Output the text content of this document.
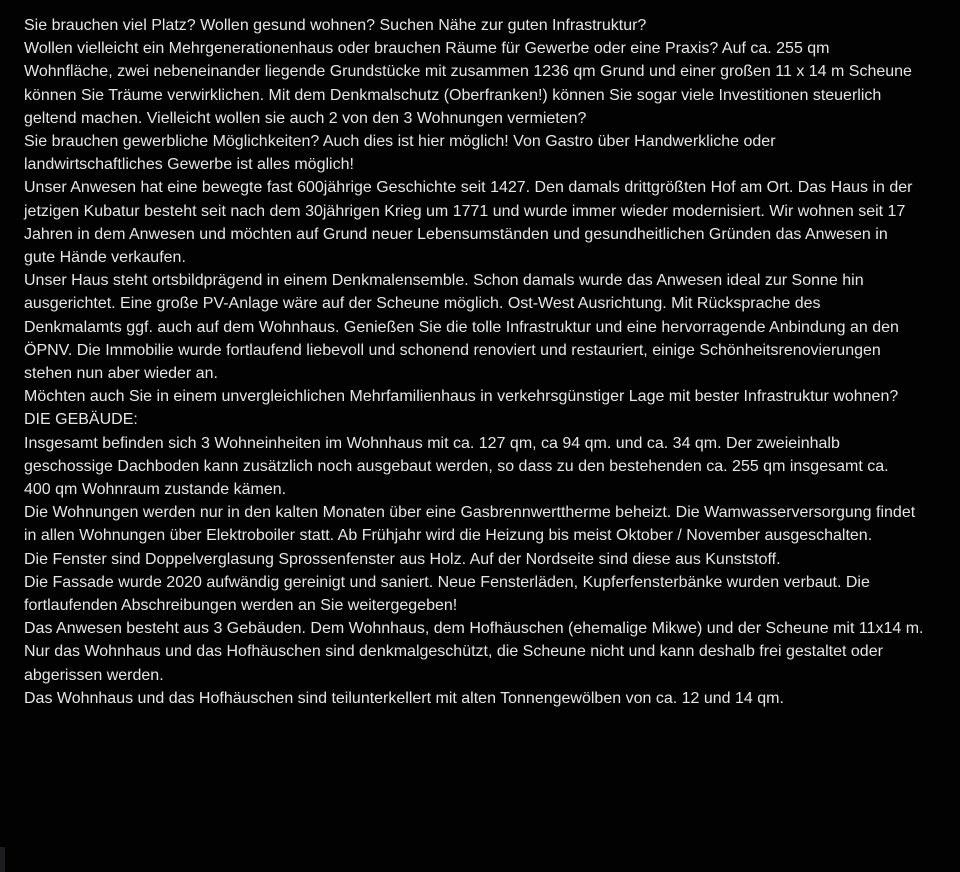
Sie brauchen viel Platz? Wollen gesund wohnen? Suchen Nähe zur guten Infrastruktur?
Wollen vielleicht ein Mehrgenerationenhaus oder brauchen Räume für Gewerbe oder eine Praxis? Auf ca. 255 qm
Wohnfläche, zwei nebeneinander liegende Grundstücke mit zusammen 1236 qm Grund und einer großen 11 x 14 m Scheune
können Sie Träume verwirklichen. Mit dem Denkmalschutz (Oberfranken!) können Sie sogar viele Investitionen steuerlich
geltend machen. Vielleicht wollen sie auch 2 von den 3 Wohnungen vermieten?
Sie brauchen gewerbliche Möglichkeiten? Auch dies ist hier möglich! Von Gastro über Handwerkliche oder
landwirtschaftliches Gewerbe ist alles möglich!

Unser Anwesen hat eine bewegte fast 600jährige Geschichte seit 1427. Den damals drittgrößten Hof am Ort. Das Haus in der
jetzigen Kubatur besteht seit nach dem 30jährigen Krieg um 1771 und wurde immer wieder modernisiert. Wir wohnen seit 17
Jahren in dem Anwesen und möchten auf Grund neuer Lebensumständen und gesundheitlichen Gründen das Anwesen in
gute Hände verkaufen.

Unser Haus steht ortsbildprägend in einem Denkmalensemble. Schon damals wurde das Anwesen ideal zur Sonne hin
ausgerichtet. Eine große PV-Anlage wäre auf der Scheune möglich. Ost-West Ausrichtung. Mit Rücksprache des
Denkmalamts ggf. auch auf dem Wohnhaus. Genießen Sie die tolle Infrastruktur und eine hervorragende Anbindung an den
ÖPNV. Die Immobilie wurde fortlaufend liebevoll und schonend renoviert und restauriert, einige Schönheitsrenovierungen
stehen nun aber wieder an.

Möchten auch Sie in einem unvergleichlichen Mehrfamilienhaus in verkehrsgünstiger Lage mit bester Infrastruktur wohnen?

DIE GEBÄUDE:
Insgesamt befinden sich 3 Wohneinheiten im Wohnhaus mit ca. 127 qm, ca 94 qm. und ca. 34 qm. Der zweieinhalb
geschossige Dachboden kann zusätzlich noch ausgebaut werden, so dass zu den bestehenden ca. 255 qm insgesamt ca.
400 qm Wohnraum zustande kämen.
Die Wohnungen werden nur in den kalten Monaten über eine Gasbrennwerttherme beheizt. Die Wamwasserversorgung findet
in allen Wohnungen über Elektroboiler statt. Ab Frühjahr wird die Heizung bis meist Oktober / November ausgeschalten.
Die Fenster sind Doppelverglasung Sprossenfenster aus Holz. Auf der Nordseite sind diese aus Kunststoff.
Die Fassade wurde 2020 aufwändig gereinigt und saniert. Neue Fensterläden, Kupferfensterbänke wurden verbaut. Die
fortlaufenden Abschreibungen werden an Sie weitergegeben!

Das Anwesen besteht aus 3 Gebäuden. Dem Wohnhaus, dem Hofhäuschen (ehemalige Mikwe) und der Scheune mit 11x14 m.
Nur das Wohnhaus und das Hofhäuschen sind denkmalgeschützt, die Scheune nicht und kann deshalb frei gestaltet oder
abgerissen werden.

Das Wohnhaus und das Hofhäuschen sind teilunterkellert mit alten Tonnengewölben von ca. 12 und 14 qm.
